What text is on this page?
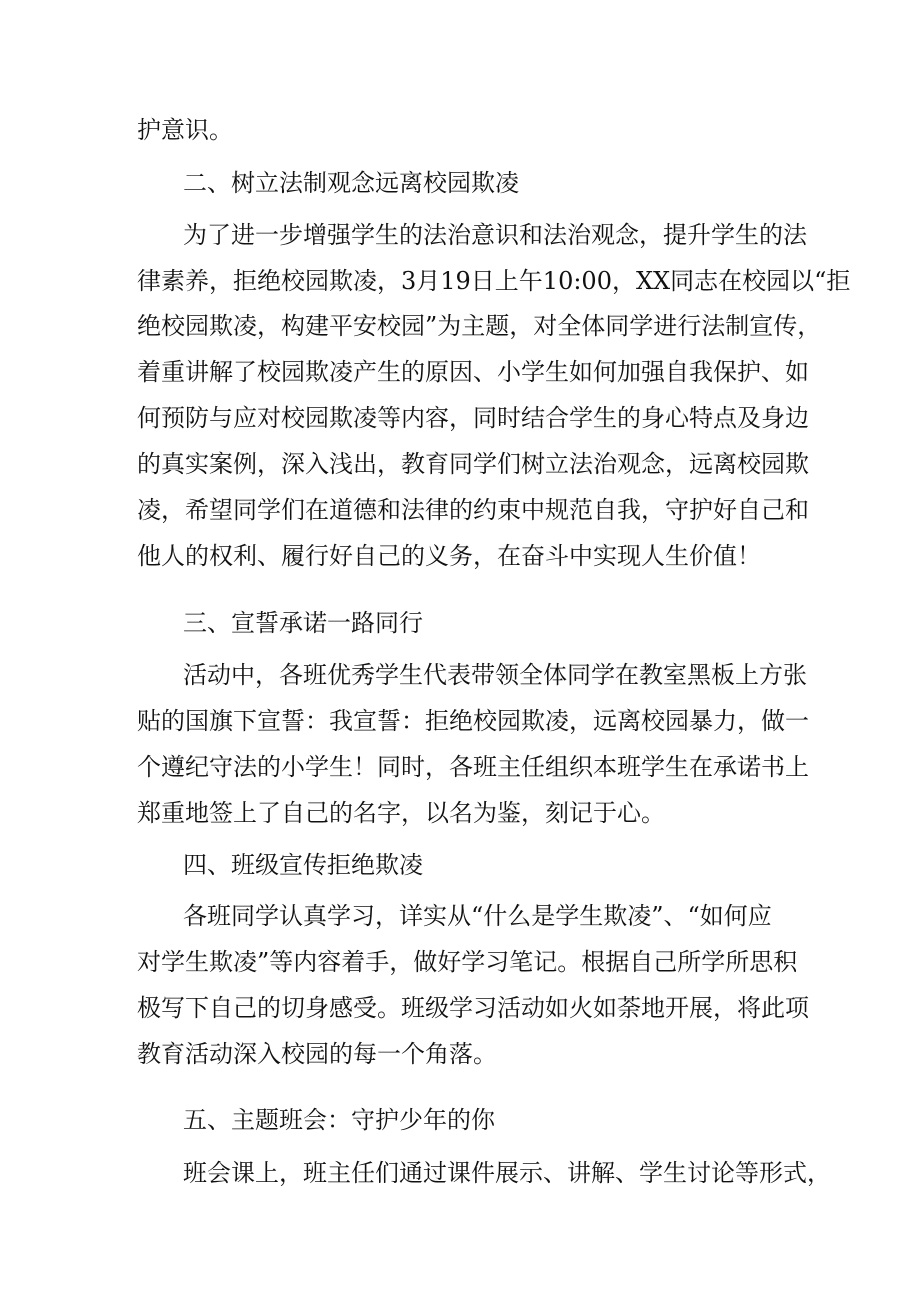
护意识。
二、树立法制观念远离校园欺凌
为了进一步增强学生的法治意识和法治观念，提升学生的法
律素养，拒绝校园欺凌，3月19日上午10:00，XX同志在校园以“拒
绝校园欺凌，构建平安校园”为主题，对全体同学进行法制宣传，
着重讲解了校园欺凌产生的原因、小学生如何加强自我保护、如
何预防与应对校园欺凌等内容，同时结合学生的身心特点及身边
的真实案例，深入浅出，教育同学们树立法治观念，远离校园欺
凌，希望同学们在道德和法律的约束中规范自我，守护好自己和
他人的权利、履行好自己的义务，在奋斗中实现人生价值！
三、宣誓承诺一路同行
活动中，各班优秀学生代表带领全体同学在教室黑板上方张
贴的国旗下宣誓：我宣誓：拒绝校园欺凌，远离校园暴力，做一
个遵纪守法的小学生！同时，各班主任组织本班学生在承诺书上
郑重地签上了自己的名字，以名为鉴，刻记于心。
四、班级宣传拒绝欺凌
各班同学认真学习，详实从“什么是学生欺凌”、“如何应
对学生欺凌”等内容着手，做好学习笔记。根据自己所学所思积
极写下自己的切身感受。班级学习活动如火如荼地开展，将此项
教育活动深入校园的每一个角落。
五、主题班会：守护少年的你
班会课上，班主任们通过课件展示、讲解、学生讨论等形式，
